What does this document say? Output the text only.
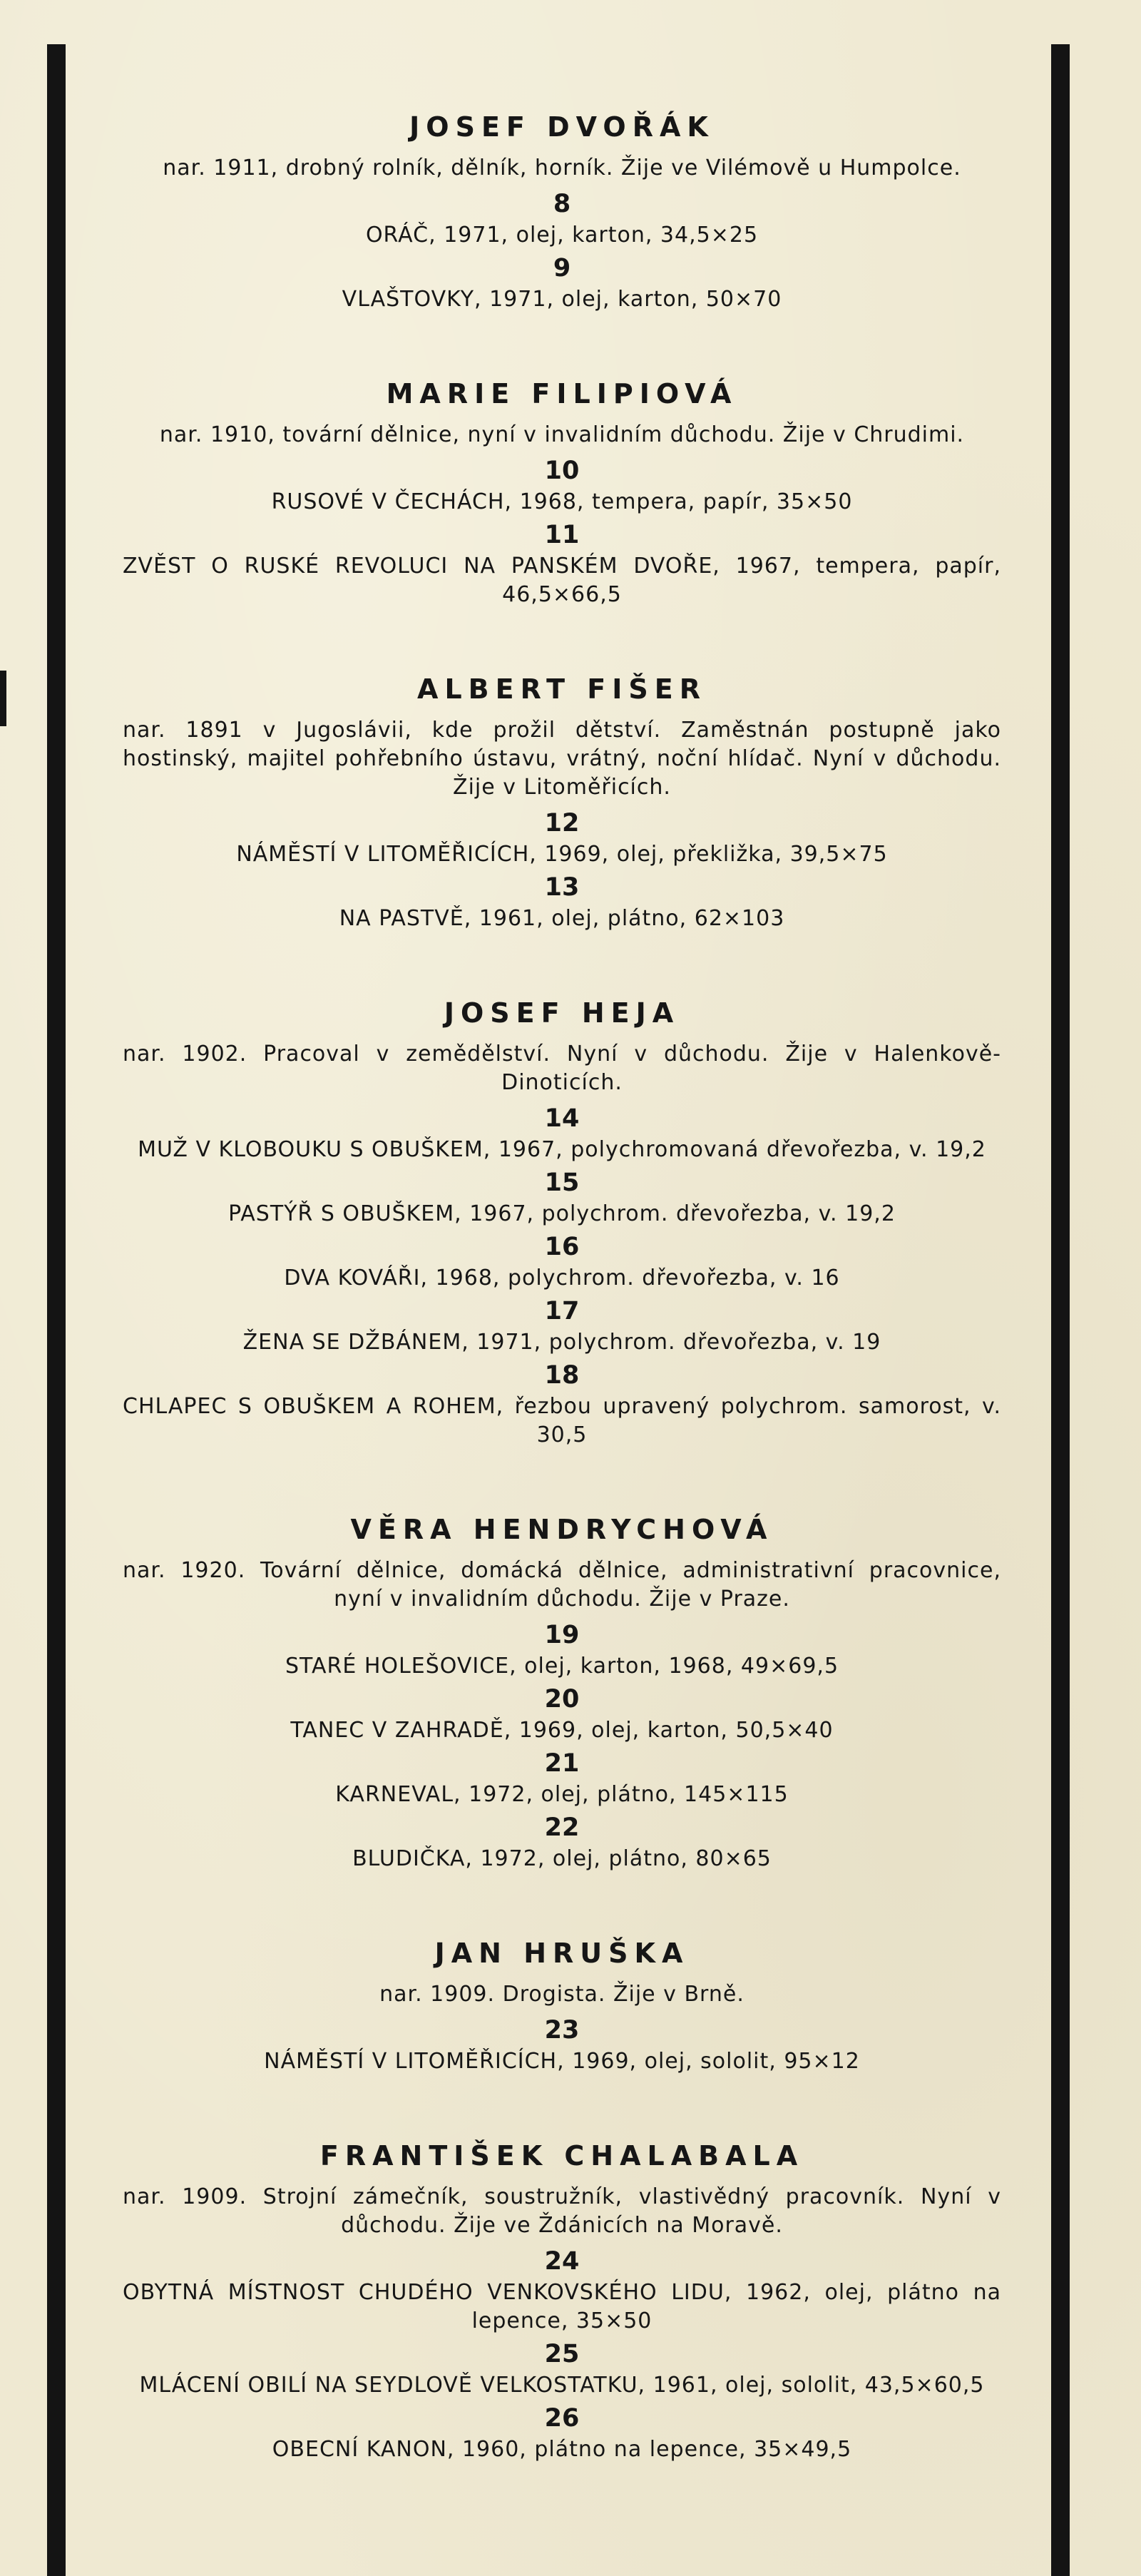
JOSEF DVOŘÁK

nar. 1911, drobný rolník, dělník, horník. Žije ve Vilémově u Humpolce.

8

ORÁČ, 1971, olej, karton, 34,5×25

9

VLAŠTOVKY, 1971, olej, karton, 50×70

MARIE FILIPIOVÁ

nar. 1910, tovární dělnice, nyní v invalidním důchodu. Žije v Chrudimi.

10

RUSOVÉ V ČECHÁCH, 1968, tempera, papír, 35×50

11

ZVĚST O RUSKÉ REVOLUCI NA PANSKÉM DVOŘE, 1967, tempera, papír, 46,5×66,5

ALBERT FIŠER

nar. 1891 v Jugoslávii, kde prožil dětství. Zaměstnán postupně jako hostinský, majitel pohřebního ústavu, vrátný, noční hlídač. Nyní v důchodu. Žije v Litoměřicích.

12

NÁMĚSTÍ V LITOMĚŘICÍCH, 1969, olej, překližka, 39,5×75

13

NA PASTVĚ, 1961, olej, plátno, 62×103

JOSEF HEJA

nar. 1902. Pracoval v zemědělství. Nyní v důchodu. Žije v Halenkově-Dinoticích.

14

MUŽ V KLOBOUKU S OBUŠKEM, 1967, polychromovaná dřevořezba, v. 19,2

15

PASTÝŘ S OBUŠKEM, 1967, polychrom. dřevořezba, v. 19,2

16

DVA KOVÁŘI, 1968, polychrom. dřevořezba, v. 16

17

ŽENA SE DŽBÁNEM, 1971, polychrom. dřevořezba, v. 19

18

CHLAPEC S OBUŠKEM A ROHEM, řezbou upravený polychrom. samorost, v. 30,5

VĚRA HENDRYCHOVÁ

nar. 1920. Tovární dělnice, domácká dělnice, administrativní pracovnice, nyní v invalidním důchodu. Žije v Praze.

19

STARÉ HOLEŠOVICE, olej, karton, 1968, 49×69,5

20

TANEC V ZAHRADĚ, 1969, olej, karton, 50,5×40

21

KARNEVAL, 1972, olej, plátno, 145×115

22

BLUDIČKA, 1972, olej, plátno, 80×65

JAN HRUŠKA

nar. 1909. Drogista. Žije v Brně.

23

NÁMĚSTÍ V LITOMĚŘICÍCH, 1969, olej, sololit, 95×12

FRANTIŠEK CHALABALA

nar. 1909. Strojní zámečník, soustružník, vlastivědný pracovník. Nyní v důchodu. Žije ve Ždánicích na Moravě.

24

OBYTNÁ MÍSTNOST CHUDÉHO VENKOVSKÉHO LIDU, 1962, olej, plátno na lepence, 35×50

25

MLÁCENÍ OBILÍ NA SEYDLOVĚ VELKOSTATKU, 1961, olej, sololit, 43,5×60,5

26

OBECNÍ KANON, 1960, plátno na lepence, 35×49,5
